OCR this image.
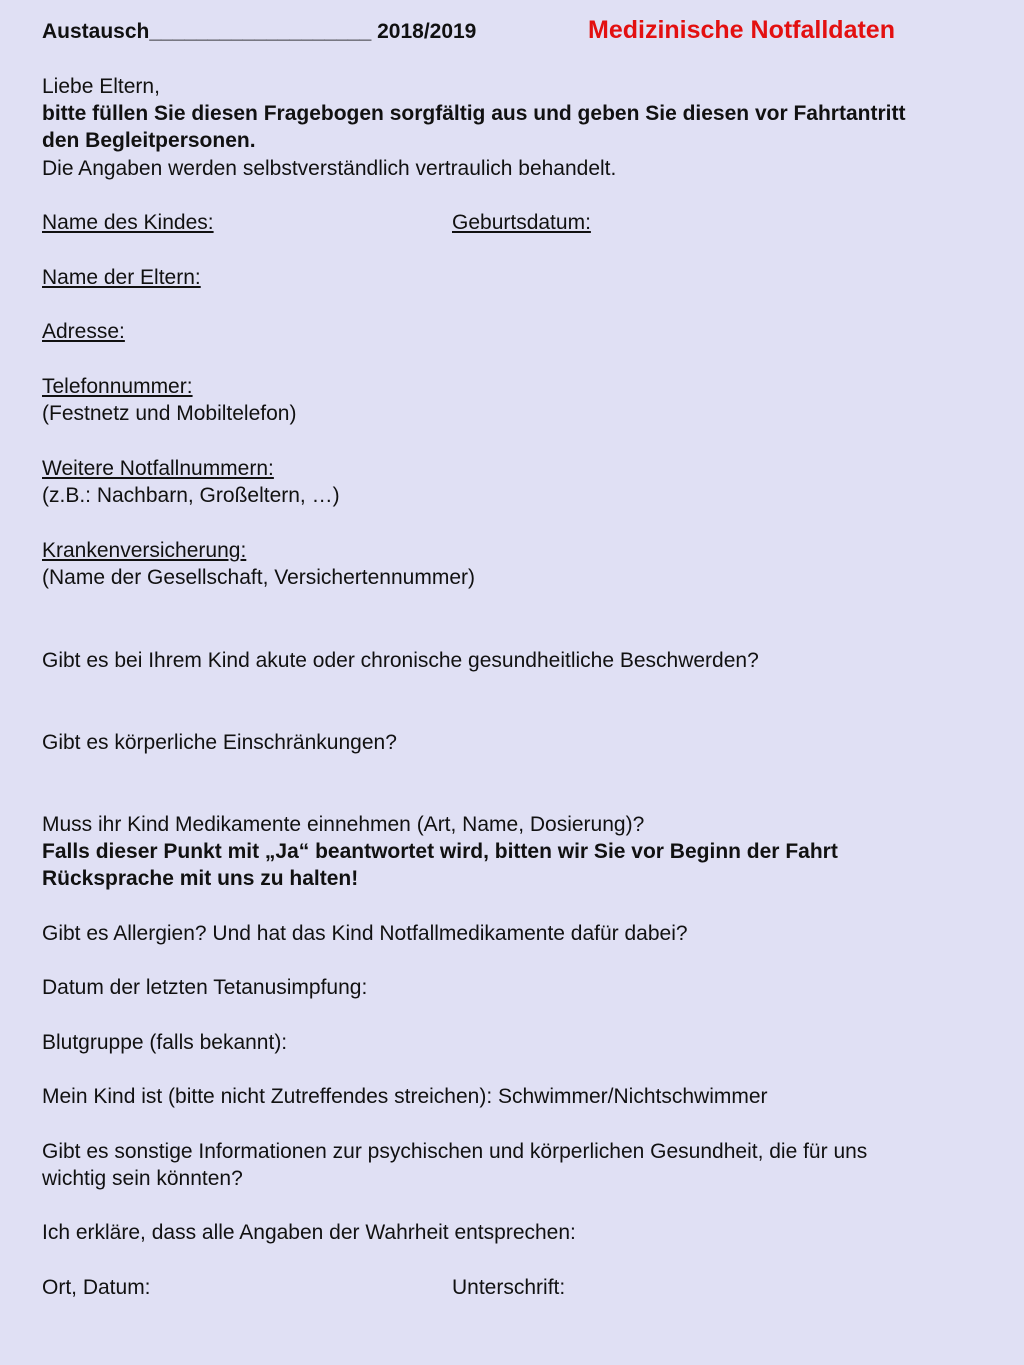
Austausch___________________ 2018/2019	Medizinische Notfalldaten
Liebe Eltern,
bitte füllen Sie diesen Fragebogen sorgfältig aus und geben Sie diesen vor Fahrtantritt
den Begleitpersonen.
Die Angaben werden selbstverständlich vertraulich behandelt.
Name des Kindes:	Geburtsdatum:
Name der Eltern:
Adresse:
Telefonnummer:
(Festnetz und Mobiltelefon)
Weitere Notfallnummern:
(z.B.: Nachbarn, Großeltern, …)
Krankenversicherung:
(Name der Gesellschaft, Versichertennummer)
Gibt es bei Ihrem Kind akute oder chronische gesundheitliche Beschwerden?
Gibt es körperliche Einschränkungen?
Muss ihr Kind Medikamente einnehmen (Art, Name, Dosierung)?
Falls dieser Punkt mit „Ja“ beantwortet wird, bitten wir Sie vor Beginn der Fahrt
Rücksprache mit uns zu halten!
Gibt es Allergien? Und hat das Kind Notfallmedikamente dafür dabei?
Datum der letzten Tetanusimpfung:
Blutgruppe (falls bekannt):
Mein Kind ist (bitte nicht Zutreffendes streichen): Schwimmer/Nichtschwimmer
Gibt es sonstige Informationen zur psychischen und körperlichen Gesundheit, die für uns
wichtig sein könnten?
Ich erkläre, dass alle Angaben der Wahrheit entsprechen:
Ort, Datum:	Unterschrift:
